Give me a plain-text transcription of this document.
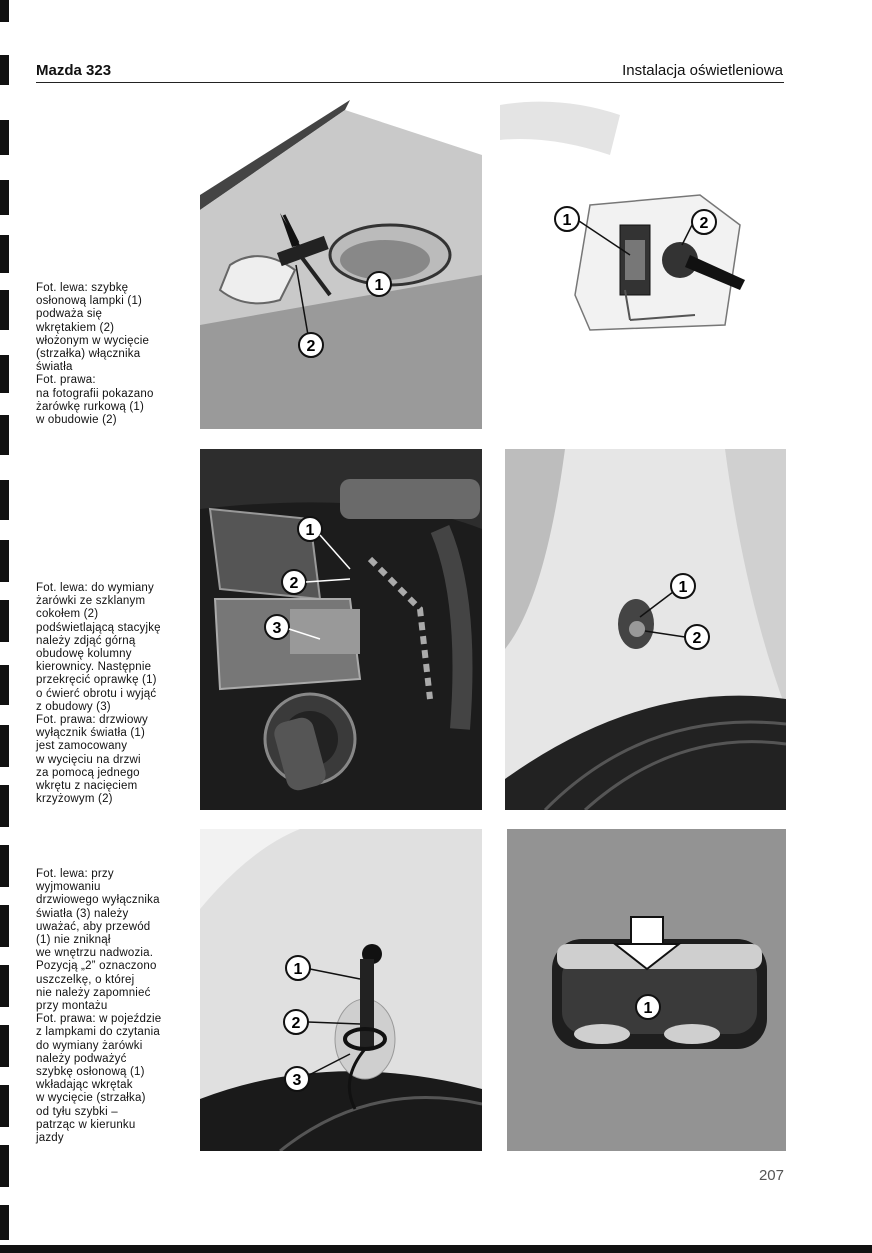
Mazda 323	Instalacja oświetleniowa
Fot. lewa: szybkę
osłonową lampki (1)
podważa się
wkrętakiem (2)
włożonym w wycięcie
(strzałka) włącznika
światła
Fot. prawa:
na fotografii pokazano
żarówkę rurkową (1)
w obudowie (2)
Fot. lewa: do wymiany
żarówki ze szklanym
cokołem (2)
podświetlającą stacyjkę
należy zdjąć górną
obudowę kolumny
kierownicy. Następnie
przekręcić oprawkę (1)
o ćwierć obrotu i wyjąć
z obudowy (3)
Fot. prawa: drzwiowy
wyłącznik światła (1)
jest zamocowany
w wycięciu na drzwi
za pomocą jednego
wkrętu z nacięciem
krzyżowym (2)
Fot. lewa: przy
wyjmowaniu
drzwiowego wyłącznika
światła (3) należy
uważać, aby przewód
(1) nie zniknął
we wnętrzu nadwozia.
Pozycją „2” oznaczono
uszczelkę, o której
nie należy zapomnieć
przy montażu
Fot. prawa: w pojeździe
z lampkami do czytania
do wymiany żarówki
należy podważyć
szybkę osłonową (1)
wkładając wkrętak
w wycięcie (strzałka)
od tyłu szybki –
patrząc w kierunku
jazdy
1
2
1	2
1
2
3
1
2
1
2
3
1
207
